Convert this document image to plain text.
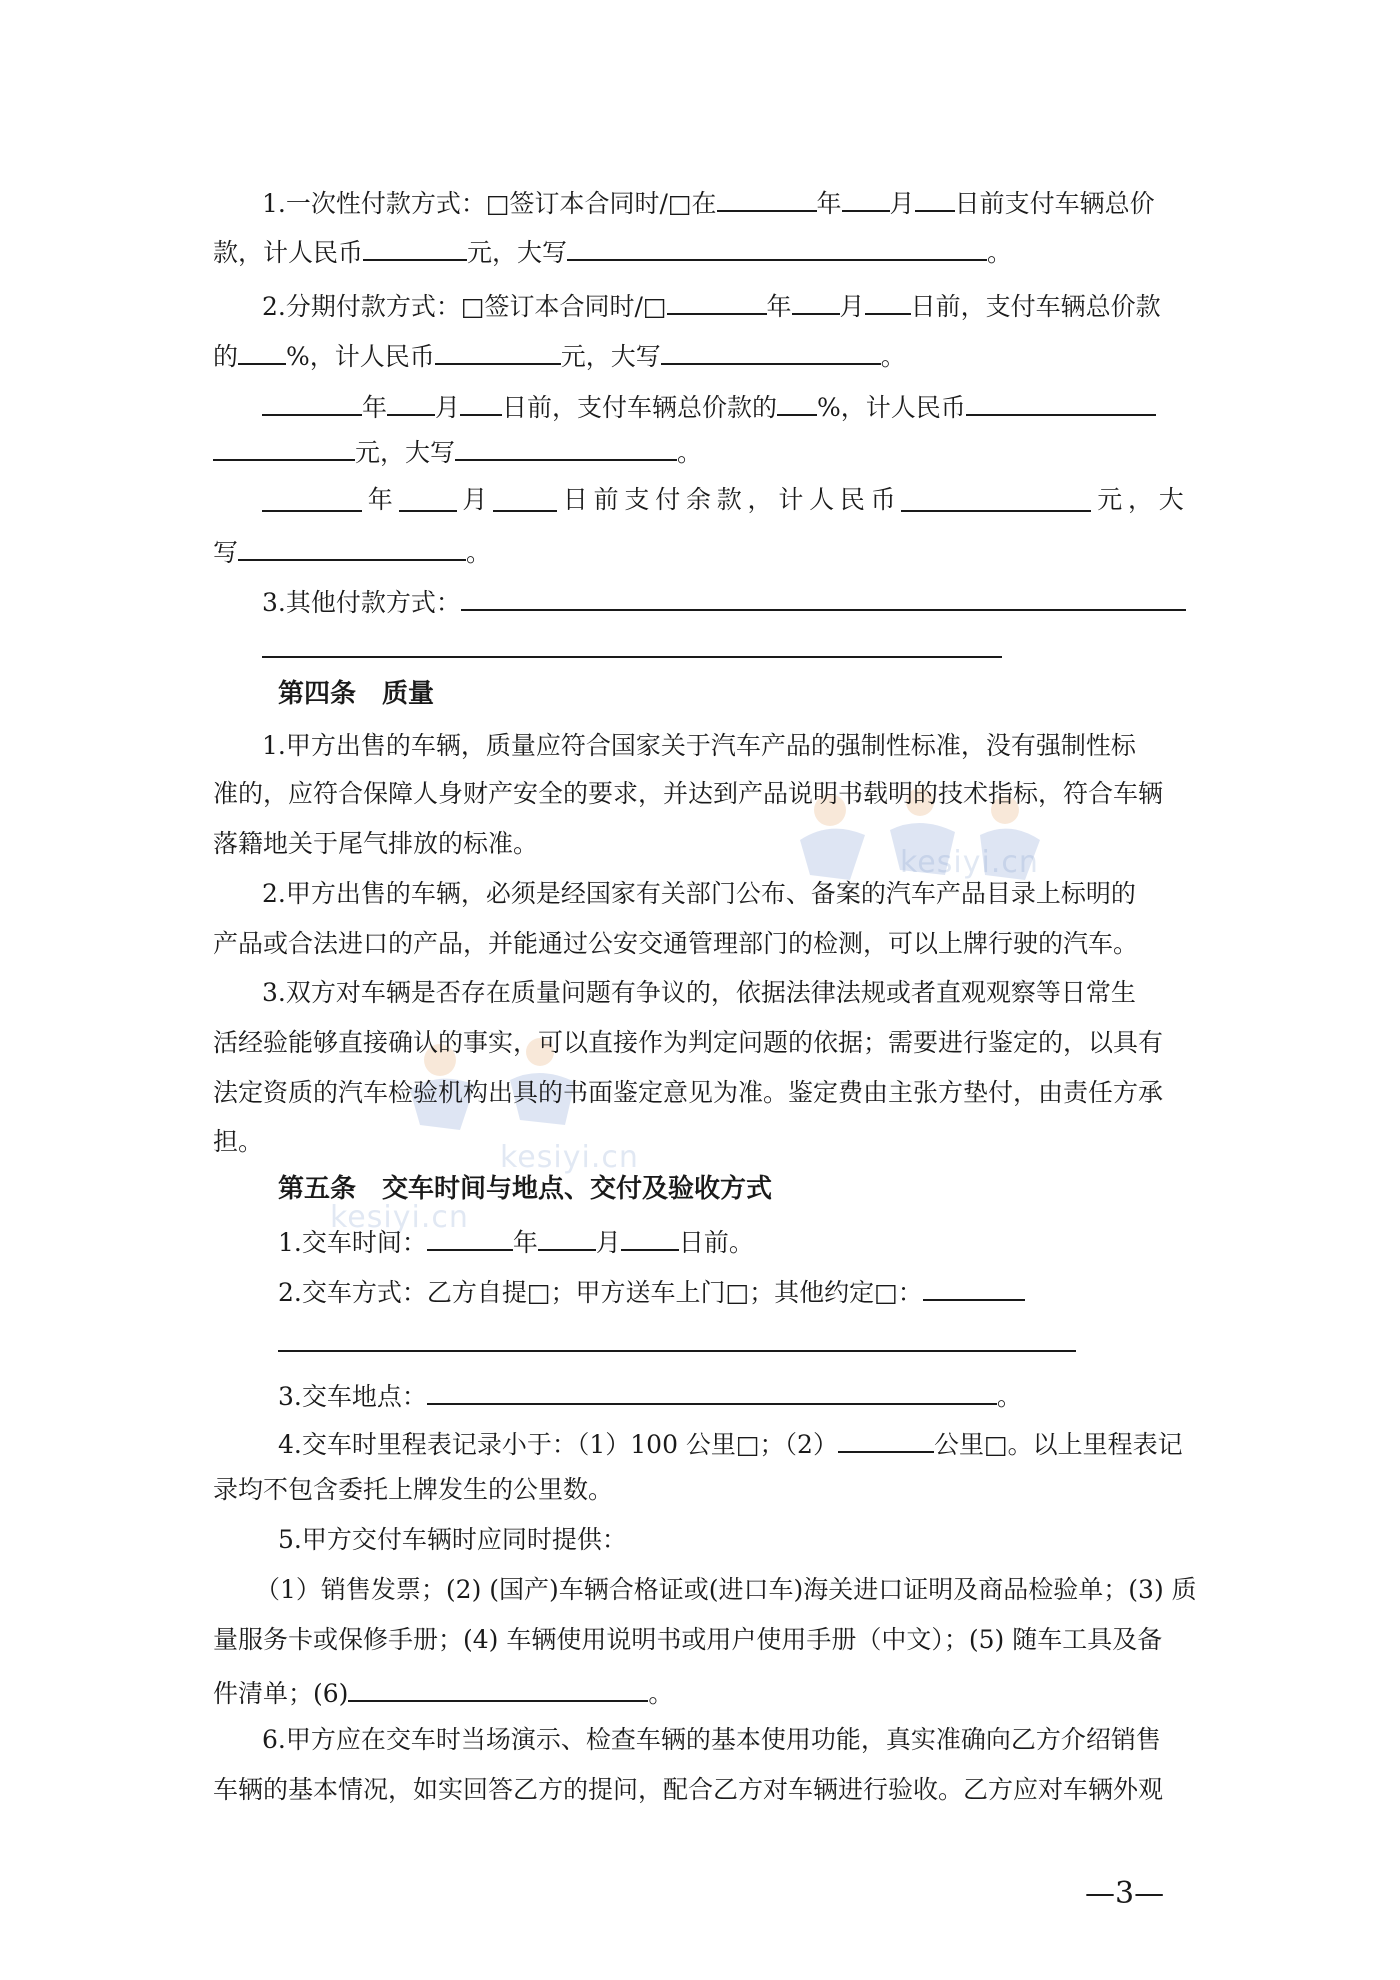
kesiyi.cn
kesiyi.cn
kesiyi.cn
1.一次性付款方式：□签订本合同时/□在	年 月 日前支付车辆总价
款，计人民币	元，大写	。
2.分期付款方式：□签订本合同时/□	年 月 日前，支付车辆总价款
的 %，计人民币	元，大写	。
年 月 日前，支付车辆总价款的 %，计人民币
元，大写	。
年	月	日 前 支 付 余 款 ， 计 人 民 币	元 ， 大
写	。
3.其他付款方式：
第四条　质量
1.甲方出售的车辆，质量应符合国家关于汽车产品的强制性标准，没有强制性标
准的，应符合保障人身财产安全的要求，并达到产品说明书载明的技术指标，符合车辆
落籍地关于尾气排放的标准。
2.甲方出售的车辆，必须是经国家有关部门公布、备案的汽车产品目录上标明的
产品或合法进口的产品，并能通过公安交通管理部门的检测，可以上牌行驶的汽车。
3.双方对车辆是否存在质量问题有争议的，依据法律法规或者直观观察等日常生
活经验能够直接确认的事实，可以直接作为判定问题的依据；需要进行鉴定的，以具有
法定资质的汽车检验机构出具的书面鉴定意见为准。鉴定费由主张方垫付，由责任方承
担。
第五条　交车时间与地点、交付及验收方式
1.交车时间：	年 月 日前。
2.交车方式：乙方自提□；甲方送车上门□；其他约定□：
3.交车地点：	。
4.交车时里程表记录小于：（1）100 公里□；（2）	公里□。以上里程表记
录均不包含委托上牌发生的公里数。
5.甲方交付车辆时应同时提供：
（1）销售发票；(2) (国产)车辆合格证或(进口车)海关进口证明及商品检验单；(3) 质
量服务卡或保修手册；(4) 车辆使用说明书或用户使用手册（中文）；(5) 随车工具及备
件清单；(6)	。
6.甲方应在交车时当场演示、检查车辆的基本使用功能，真实准确向乙方介绍销售
车辆的基本情况，如实回答乙方的提问，配合乙方对车辆进行验收。乙方应对车辆外观
—3—
